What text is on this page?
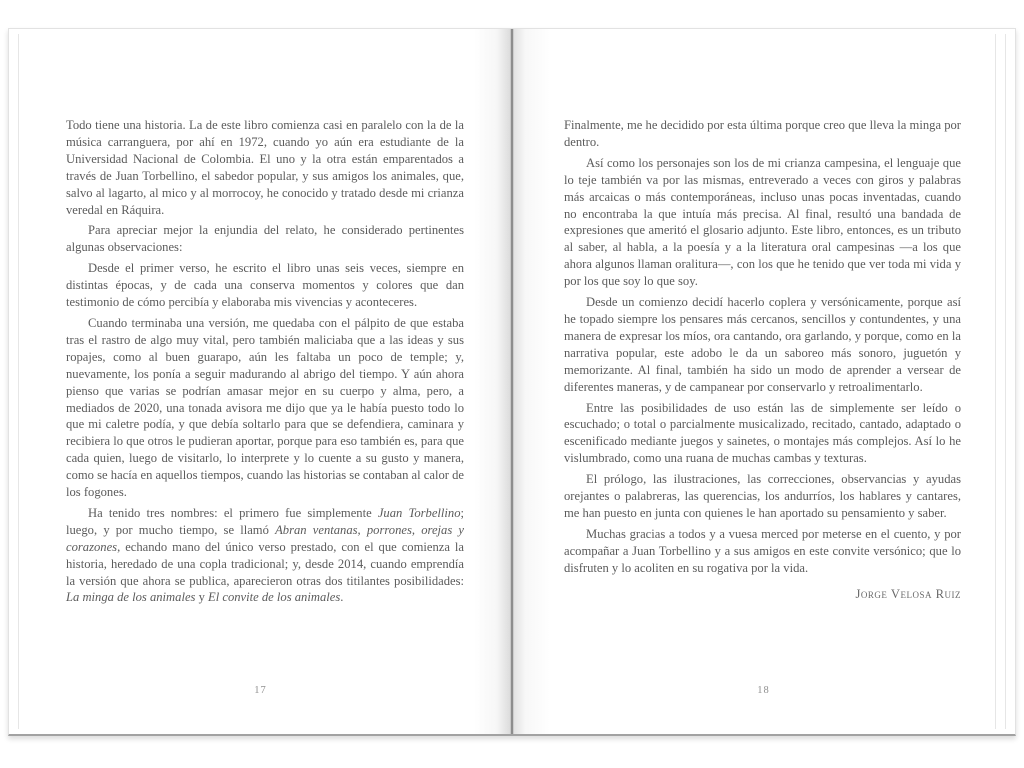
Todo tiene una historia. La de este libro comienza casi en paralelo con la de la música carranguera, por ahí en 1972, cuando yo aún era estudiante de la Universidad Nacional de Colombia. El uno y la otra están emparentados a través de Juan Torbellino, el sabedor popular, y sus amigos los animales, que, salvo al lagarto, al mico y al morrocoy, he conocido y tratado desde mi crianza veredal en Ráquira.

Para apreciar mejor la enjundia del relato, he considerado pertinentes algunas observaciones:

Desde el primer verso, he escrito el libro unas seis veces, siempre en distintas épocas, y de cada una conserva momentos y colores que dan testimonio de cómo percibía y elaboraba mis vivencias y aconteceres.

Cuando terminaba una versión, me quedaba con el pálpito de que estaba tras el rastro de algo muy vital, pero también maliciaba que a las ideas y sus ropajes, como al buen guarapo, aún les faltaba un poco de temple; y, nuevamente, los ponía a seguir madurando al abrigo del tiempo. Y aún ahora pienso que varias se podrían amasar mejor en su cuerpo y alma, pero, a mediados de 2020, una tonada avisora me dijo que ya le había puesto todo lo que mi caletre podía, y que debía soltarlo para que se defendiera, caminara y recibiera lo que otros le pudieran aportar, porque para eso también es, para que cada quien, luego de visitarlo, lo interprete y lo cuente a su gusto y manera, como se hacía en aquellos tiempos, cuando las historias se contaban al calor de los fogones.

Ha tenido tres nombres: el primero fue simplemente Juan Torbellino; luego, y por mucho tiempo, se llamó Abran ventanas, porrones, orejas y corazones, echando mano del único verso prestado, con el que comienza la historia, heredado de una copla tradicional; y, desde 2014, cuando emprendía la versión que ahora se publica, aparecieron otras dos titilantes posibilidades: La minga de los animales y El convite de los animales.

17

Finalmente, me he decidido por esta última porque creo que lleva la minga por dentro.

Así como los personajes son los de mi crianza campesina, el lenguaje que lo teje también va por las mismas, entreverado a veces con giros y palabras más arcaicas o más contemporáneas, incluso unas pocas inventadas, cuando no encontraba la que intuía más precisa. Al final, resultó una bandada de expresiones que ameritó el glosario adjunto. Este libro, entonces, es un tributo al saber, al habla, a la poesía y a la literatura oral campesinas —a los que ahora algunos llaman oralitura—, con los que he tenido que ver toda mi vida y por los que soy lo que soy.

Desde un comienzo decidí hacerlo coplera y versónicamente, porque así he topado siempre los pensares más cercanos, sencillos y contundentes, y una manera de expresar los míos, ora cantando, ora garlando, y porque, como en la narrativa popular, este adobo le da un saboreo más sonoro, juguetón y memorizante. Al final, también ha sido un modo de aprender a versear de diferentes maneras, y de campanear por conservarlo y retroalimentarlo.

Entre las posibilidades de uso están las de simplemente ser leído o escuchado; o total o parcialmente musicalizado, recitado, cantado, adaptado o escenificado mediante juegos y sainetes, o montajes más complejos. Así lo he vislumbrado, como una ruana de muchas cambas y texturas.

El prólogo, las ilustraciones, las correcciones, observancias y ayudas orejantes o palabreras, las querencias, los andurríos, los hablares y cantares, me han puesto en junta con quienes le han aportado su pensamiento y saber.

Muchas gracias a todos y a vuesa merced por meterse en el cuento, y por acompañar a Juan Torbellino y a sus amigos en este convite versónico; que lo disfruten y lo acoliten en su rogativa por la vida.

Jorge Velosa Ruiz
18
